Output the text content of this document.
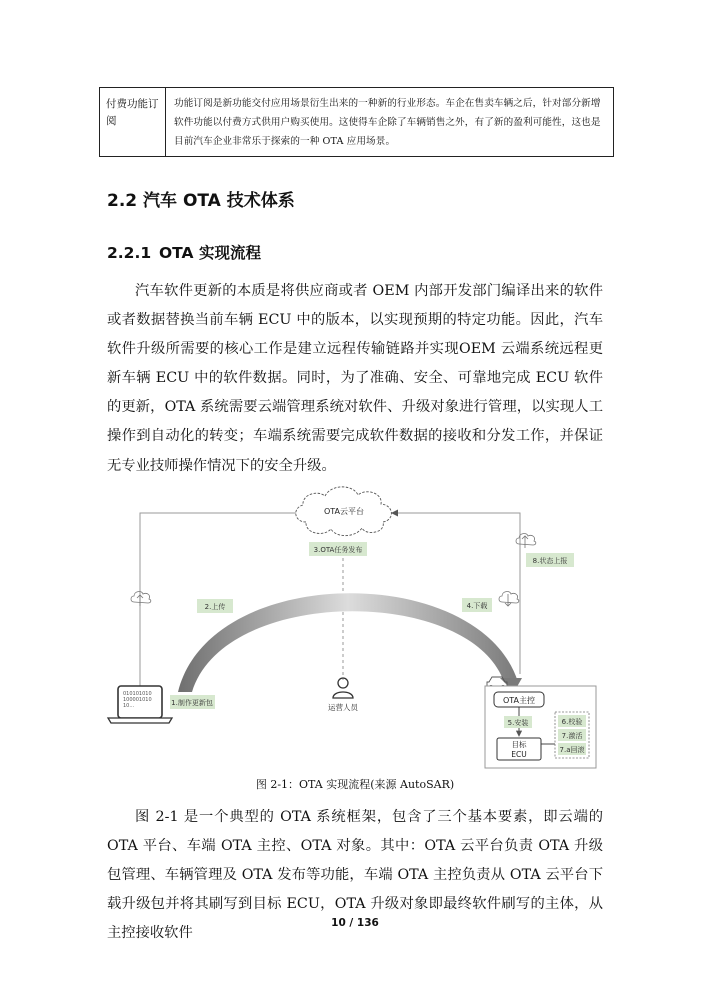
付费功能订阅
功能订阅是新功能交付应用场景衍生出来的一种新的行业形态。车企在售卖车辆之后，针对部分新增软件功能以付费方式供用户购买使用。这使得车企除了车辆销售之外，有了新的盈利可能性，这也是目前汽车企业非常乐于探索的一种 OTA 应用场景。
2.2 汽车 OTA 技术体系
2.2.1 OTA 实现流程

汽车软件更新的本质是将供应商或者 OEM 内部开发部门编译出来的软件或者数据替换当前车辆 ECU 中的版本，以实现预期的特定功能。因此，汽车软件升级所需要的核心工作是建立远程传输链路并实现OEM 云端系统远程更新车辆 ECU 中的软件数据。同时，为了准确、安全、可靠地完成 ECU 软件的更新，OTA 系统需要云端管理系统对软件、升级对象进行管理，以实现人工操作到自动化的转变；车端系统需要完成软件数据的接收和分发工作，并保证无专业技师操作情况下的安全升级。

OTA云平台
2.上传
3.OTA任务发布
4.下载
8.状态上报
1.制作更新包
010101010
100001010
10...	运营人员
OTA主控
5.安装
目标
ECU
6.校验
7.激活
7.a回滚
图 2-1：OTA 实现流程(来源 AutoSAR)

图 2-1 是一个典型的 OTA 系统框架，包含了三个基本要素，即云端的 OTA 平台、车端 OTA 主控、OTA 对象。其中：OTA 云平台负责 OTA 升级包管理、车辆管理及 OTA 发布等功能，车端 OTA 主控负责从 OTA 云平台下载升级包并将其刷写到目标 ECU，OTA 升级对象即最终软件刷写的主体，从主控接收软件

10 / 136
